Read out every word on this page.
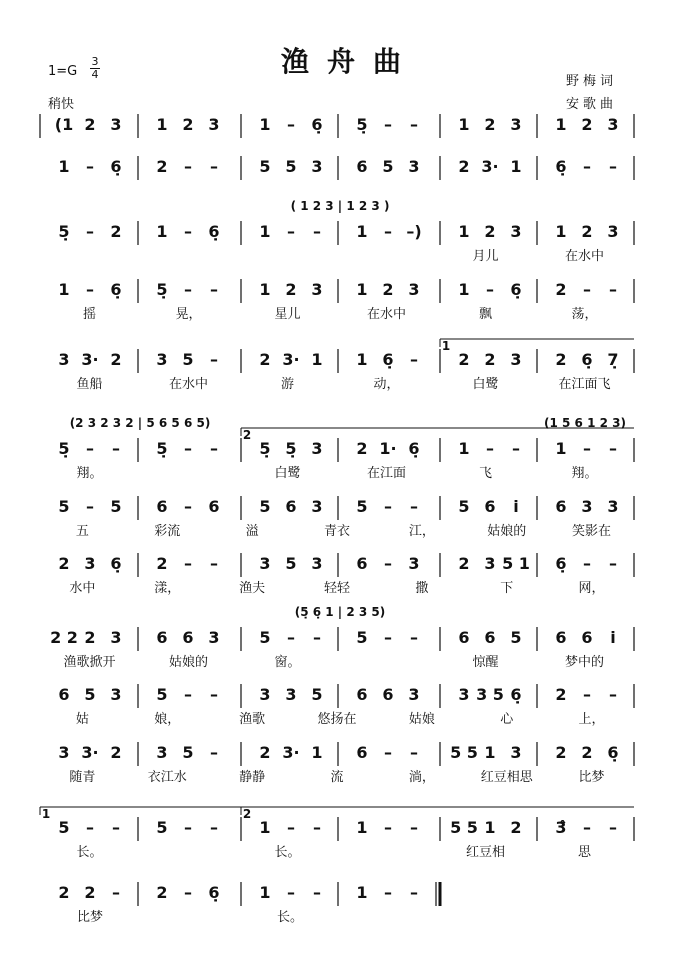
渔舟曲
1=G
3
4
稍快
野梅词
安歌曲
(1 2 3 1 2 3 1 – 6̣ 5̣ – –	1 2 3 1 2 3
1 – 6̣ 2 – –	5 5 3 6 5 3 2 3· 1 6̣ – –
5̣ – 2 1 – 6̣ 1 – – 1 – –) 1 2 3 1 2 3
月儿	在水中
( 1 2 3 | 1 2 3 )
1 – 6̣ 5̣ – –	1 2 3 1 2 3 1 – 6̣ 2 – –
摇	晃，	星儿	在水中	飘	荡，
3 3· 2 3 5 –	2 3· 1 1 6̣ –	2 2 3 2 6̣ 7̣
鱼船	在水中	游	动，	白鹭	在江面飞
1
5̣ – – 5̣ – –	5̣ 5̣ 3 2 1· 6̣ 1 – – 1 – –
翔。	白鹭	在江面	飞	翔。
(2 3 2 3 2 | 5 6 5 6 5)	(1 5 6 1 2 3)
2
5 – 5 6 – 6 5 6 3 5 – –	5 6 i 6 3 3
五	彩流	溢	青衣	江，	姑娘的	笑影在
2 3 6̣ 2 – –	3 5 3 6 – 3 2 3 5 1 6̣ – –
水中	漾，	渔夫	轻轻	撒	下	网，
2 2 2 3 6 6 3 5 – – 5 – –	6 6 5 6 6 i
渔歌掀开	姑娘的	窗。	惊醒	梦中的
(5̣ 6̣ 1 | 2 3 5)
6 5 3 5 – –	3 3 5 6 6 3 3 3 5 6̣ 2 – –
姑	娘，	渔歌	悠扬在	姑娘	心	上，
3 3· 2 3 5 –	2 3· 1 6 – – 5 5 1 3 2 2 6̣
随青	衣江水	静静	流	淌，	红豆相思	比梦
5 – – 5 – –	1 – – 1 – – 5 5 1 2 3̂ – –
长。	长。	红豆相	思
1	2
2 2 – 2 – 6̣ 1 – – 1 – –
比梦	长。
